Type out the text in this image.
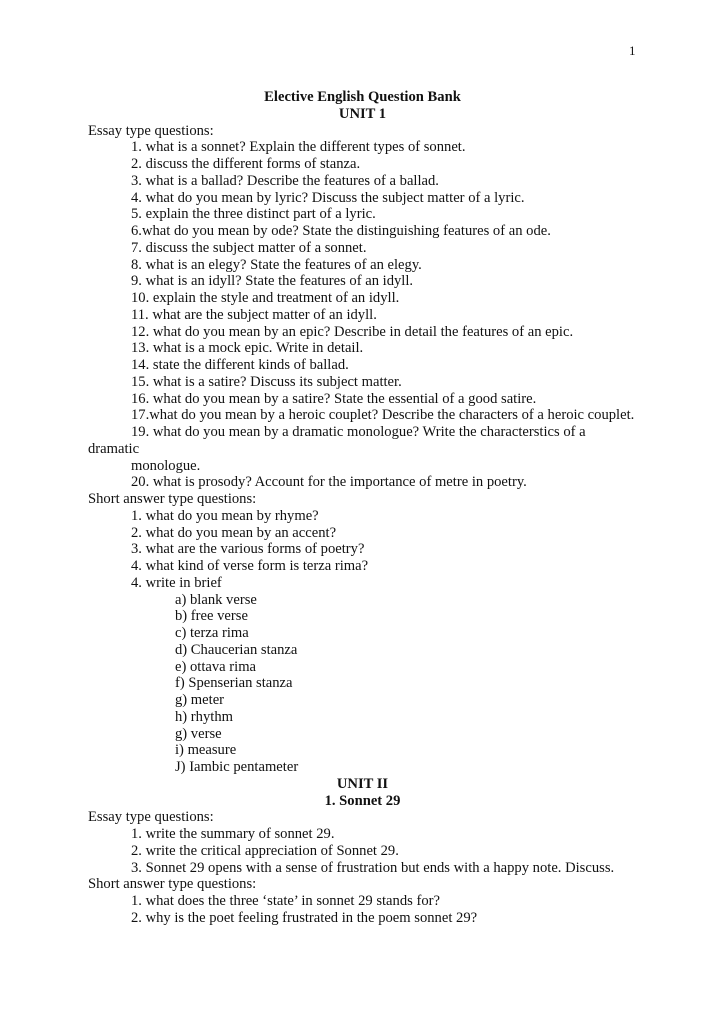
1
Elective English Question Bank
UNIT 1
Essay type questions:
1. what is a sonnet? Explain the different types of sonnet.
2. discuss the different forms of stanza.
3. what is a ballad? Describe the features of a ballad.
4. what do you mean by lyric? Discuss the subject matter of a lyric.
5. explain the three distinct part of a lyric.
6.what do you mean by ode? State the distinguishing features of an ode.
7. discuss the subject matter of a sonnet.
8. what is an elegy? State the features of an elegy.
9. what is an idyll? State the features of an idyll.
10. explain the style and treatment of an idyll.
11. what are the subject matter of an idyll.
12. what do you mean by an epic? Describe in detail the features of an epic.
13. what is a mock epic. Write in detail.
14. state the different kinds of ballad.
15. what is a satire? Discuss its subject matter.
16. what do you mean by a satire? State the essential of a good satire.
17.what do you mean by a heroic couplet? Describe the characters of a heroic couplet.
19. what do you mean by a dramatic monologue? Write the characterstics of a
dramatic
monologue.
20. what is prosody? Account for the importance of metre in poetry.
Short answer type questions:
1. what do you mean by rhyme?
2. what do you mean by an accent?
3. what are the various forms of poetry?
4. what kind of verse form is terza rima?
4. write in brief
a) blank verse
b) free verse
c) terza rima
d) Chaucerian stanza
e) ottava rima
f) Spenserian stanza
g) meter
h) rhythm
g) verse
i) measure
J) Iambic pentameter
UNIT II
1. Sonnet 29
Essay type questions:
1. write the summary of sonnet 29.
2. write the critical appreciation of Sonnet 29.
3. Sonnet 29 opens with a sense of frustration but ends with a happy note. Discuss.
Short answer type questions:
1. what does the three ‘state’ in sonnet 29 stands for?
2. why is the poet feeling frustrated in the poem sonnet 29?
